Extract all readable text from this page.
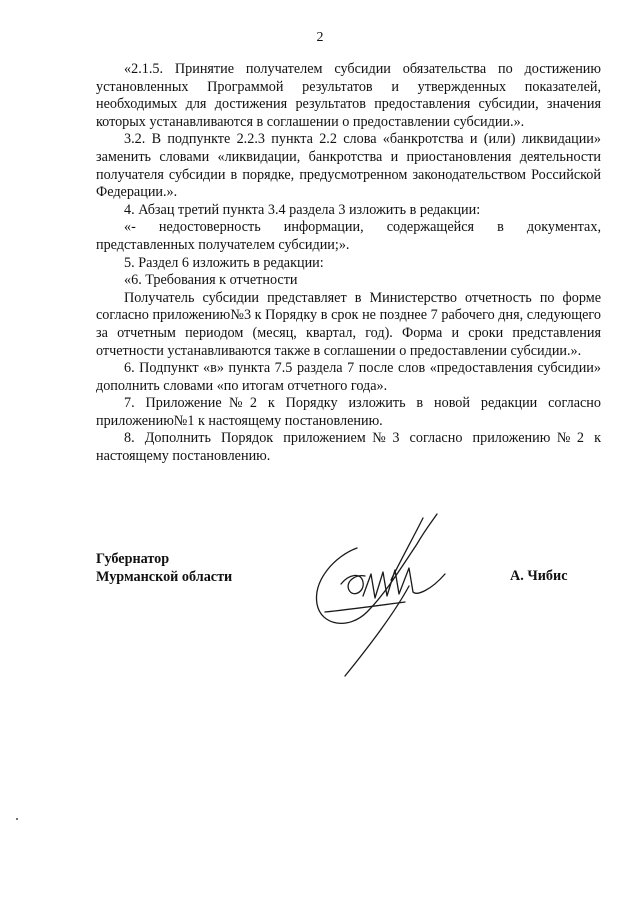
2

«2.1.5. Принятие получателем субсидии обязательства по достижению установленных Программой результатов и утвержденных показателей, необходимых для достижения результатов предоставления субсидии, значения которых устанавливаются в соглашении о предоставлении субсидии.».

3.2. В подпункте 2.2.3 пункта 2.2 слова «банкротства и (или) ликвидации» заменить словами «ликвидации, банкротства и приостановления деятельности получателя субсидии в порядке, предусмотренном законодательством Российской Федерации.».

4. Абзац третий пункта 3.4 раздела 3 изложить в редакции:

«- недостоверность информации, содержащейся в документах, представленных получателем субсидии;».

5. Раздел 6 изложить в редакции:

«6. Требования к отчетности

Получатель субсидии представляет в Министерство отчетность по форме согласно приложению№3 к Порядку в срок не позднее 7 рабочего дня, следующего за отчетным периодом (месяц, квартал, год). Форма и сроки представления отчетности устанавливаются также в соглашении о предоставлении субсидии.».

6. Подпункт «в» пункта 7.5 раздела 7 после слов «предоставления субсидии» дополнить словами «по итогам отчетного года».

7. Приложение№2 к Порядку изложить в новой редакции согласно приложению№1 к настоящему постановлению.

8. Дополнить Порядок приложением№3 согласно приложению№2 к настоящему постановлению.

Губернатор
Мурманской области	А. Чибис
